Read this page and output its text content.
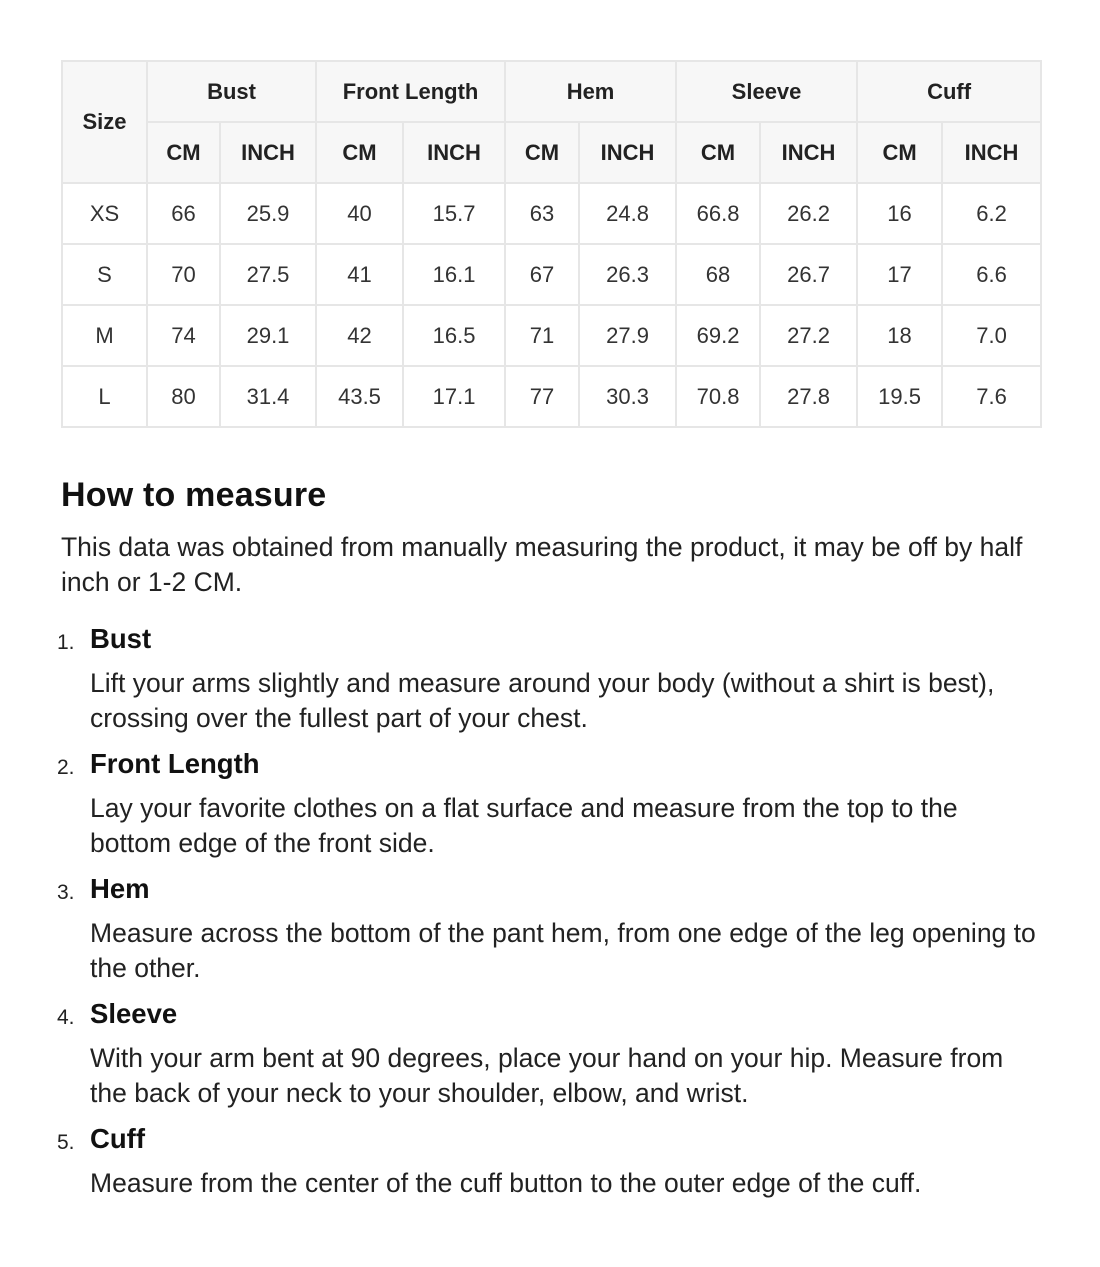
Size	Bust		Front Length		Hem		Sleeve		Cuff	
	CM	INCH	CM	INCH	CM	INCH	CM	INCH	CM	INCH
XS	66	25.9	40	15.7	63	24.8	66.8	26.2	16	6.2
S	70	27.5	41	16.1	67	26.3	68	26.7	17	6.6
M	74	29.1	42	16.5	71	27.9	69.2	27.2	18	7.0
L	80	31.4	43.5	17.1	77	30.3	70.8	27.8	19.5	7.6
How to measure

This data was obtained from manually measuring the product, it may be off by half inch or 1-2 CM.

1. Bust
Lift your arms slightly and measure around your body (without a shirt is best), crossing over the fullest part of your chest.
2. Front Length
Lay your favorite clothes on a flat surface and measure from the top to the bottom edge of the front side.
3. Hem
Measure across the bottom of the pant hem, from one edge of the leg opening to the other.
4. Sleeve
With your arm bent at 90 degrees, place your hand on your hip. Measure from the back of your neck to your shoulder, elbow, and wrist.
5. Cuff
Measure from the center of the cuff button to the outer edge of the cuff.
